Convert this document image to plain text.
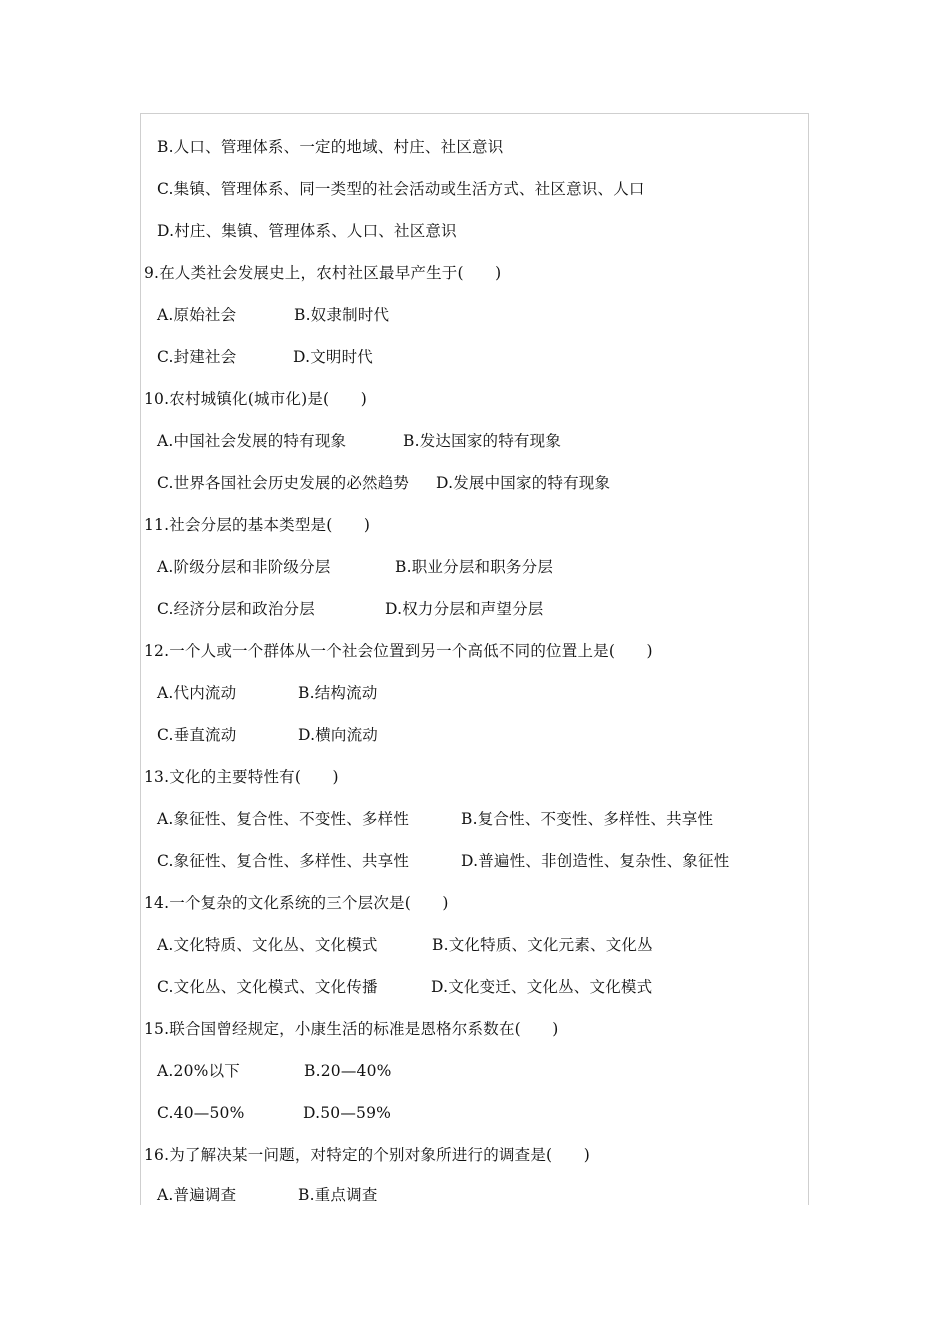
B.人口、管理体系、一定的地域、村庄、社区意识
C.集镇、管理体系、同一类型的社会活动或生活方式、社区意识、人口
D.村庄、集镇、管理体系、人口、社区意识
9.在人类社会发展史上，农村社区最早产生于(　　)
A.原始社会	B.奴隶制时代
C.封建社会	D.文明时代
10.农村城镇化(城市化)是(　　)
A.中国社会发展的特有现象	B.发达国家的特有现象
C.世界各国社会历史发展的必然趋势 D.发展中国家的特有现象
11.社会分层的基本类型是(　　)
A.阶级分层和非阶级分层	B.职业分层和职务分层
C.经济分层和政治分层	D.权力分层和声望分层
12.一个人或一个群体从一个社会位置到另一个高低不同的位置上是(　　)
A.代内流动	B.结构流动
C.垂直流动	D.横向流动
13.文化的主要特性有(　　)
A.象征性、复合性、不变性、多样性	B.复合性、不变性、多样性、共享性
C.象征性、复合性、多样性、共享性	D.普遍性、非创造性、复杂性、象征性
14.一个复杂的文化系统的三个层次是(　　)
A.文化特质、文化丛、文化模式	B.文化特质、文化元素、文化丛
C.文化丛、文化模式、文化传播	D.文化变迁、文化丛、文化模式
15.联合国曾经规定，小康生活的标准是恩格尔系数在(　　)
A.20%以下	B.20—40%
C.40—50%	D.50—59%
16.为了解决某一问题，对特定的个别对象所进行的调查是(　　)
A.普遍调查	B.重点调查
